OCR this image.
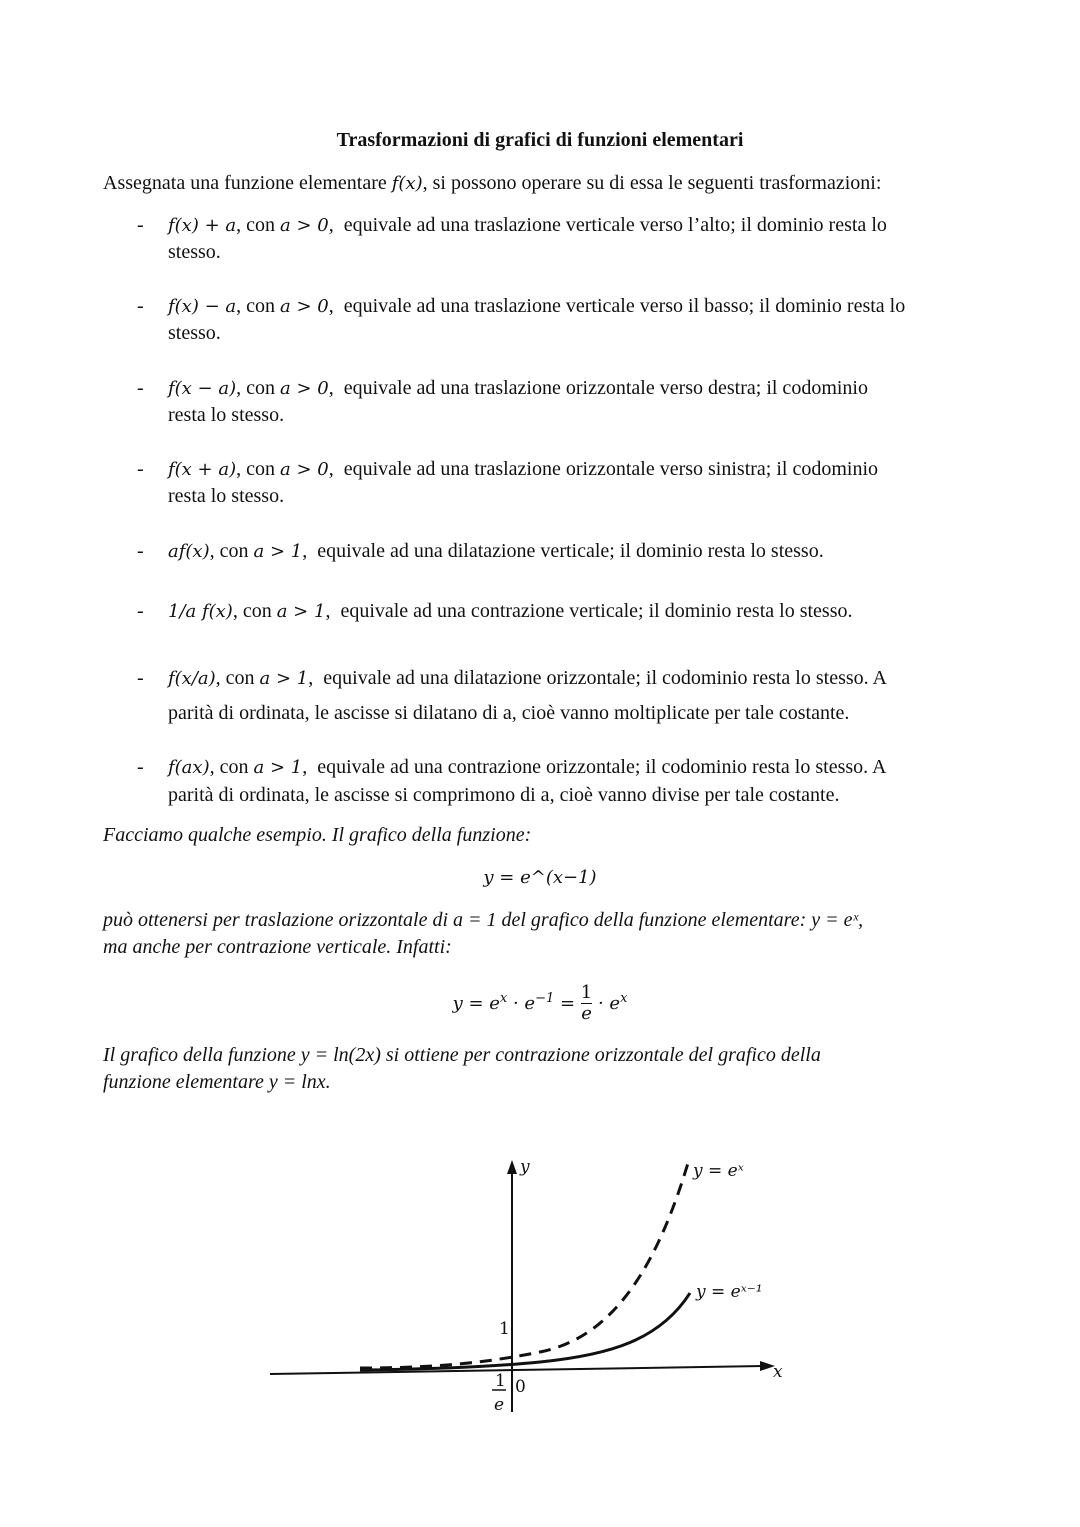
Trasformazioni di grafici di funzioni elementari
Assegnata una funzione elementare f(x), si possono operare su di essa le seguenti trasformazioni:
- f(x) + a, con a > 0,  equivale ad una traslazione verticale verso l’alto; il dominio resta lo
stesso.
- f(x) − a, con a > 0,  equivale ad una traslazione verticale verso il basso; il dominio resta lo
stesso.
- f(x − a), con a > 0,  equivale ad una traslazione orizzontale verso destra; il codominio
resta lo stesso.
- f(x + a), con a > 0,  equivale ad una traslazione orizzontale verso sinistra; il codominio
resta lo stesso.
- af(x), con a > 1,  equivale ad una dilatazione verticale; il dominio resta lo stesso.
- 1/a f(x), con a > 1,  equivale ad una contrazione verticale; il dominio resta lo stesso.
- f(x/a), con a > 1,  equivale ad una dilatazione orizzontale; il codominio resta lo stesso. A
parità di ordinata, le ascisse si dilatano di a, cioè vanno moltiplicate per tale costante.
- f(ax), con a > 1,  equivale ad una contrazione orizzontale; il codominio resta lo stesso. A
parità di ordinata, le ascisse si comprimono di a, cioè vanno divise per tale costante.
Facciamo qualche esempio. Il grafico della funzione:
y = e^(x−1)
può ottenersi per traslazione orizzontale di a = 1 del grafico della funzione elementare: y = eˣ,
ma anche per contrazione verticale. Infatti:
$y = e^x \cdot e^{-1} = \frac{1}{e} \cdot e^x$
Il grafico della funzione y = ln(2x) si ottiene per contrazione orizzontale del grafico della
funzione elementare y = lnx.
x
y
1
0
1
e
y = eˣ
y = eˣ⁻¹
